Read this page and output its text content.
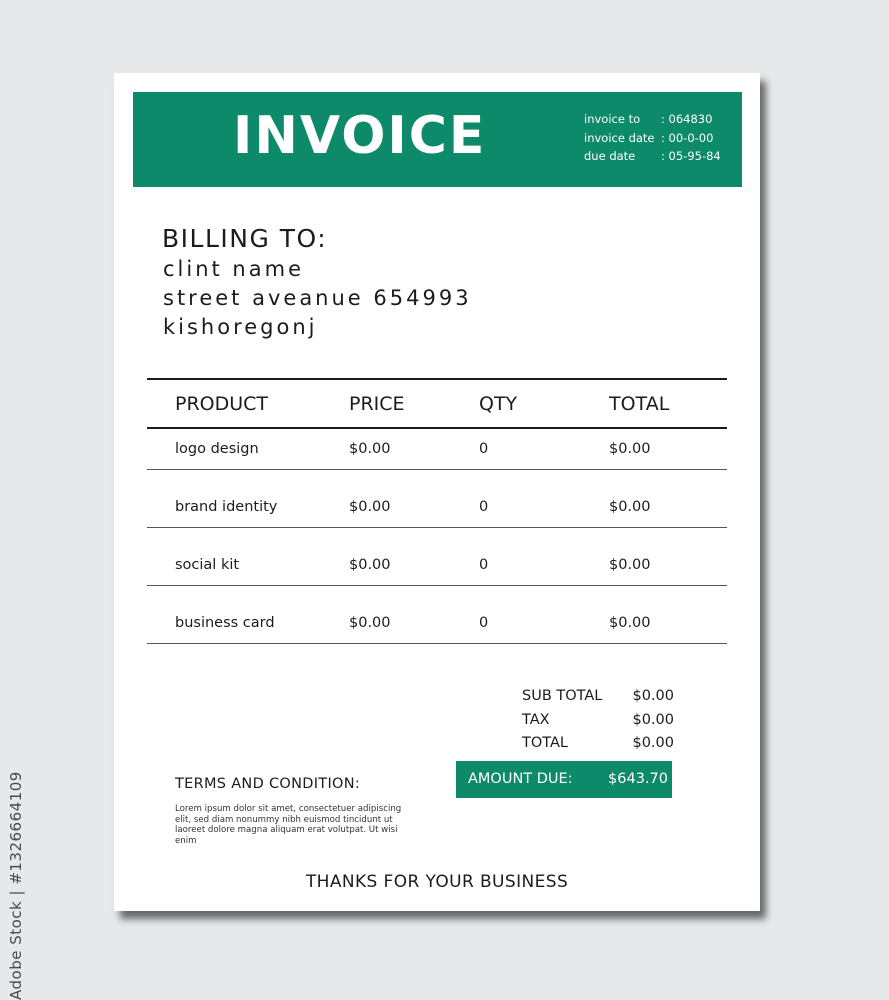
Adobe Stock | #1326664109
INVOICE	invoice to	: 064830
invoice date : 00-0-00
due date	: 05-95-84
BILLING TO:
clint name
street aveanue 654993
kishoregonj
PRODUCT	PRICE	QTY	TOTAL
logo design	$0.00	0	$0.00
brand identity	$0.00	0	$0.00
social kit	$0.00	0	$0.00
business card	$0.00	0	$0.00
SUB TOTAL $0.00
TAX	$0.00
TOTAL	$0.00
AMOUNT DUE: $643.70
TERMS AND CONDITION:
Lorem ipsum dolor sit amet, consectetuer adipiscing elit, sed diam nonummy nibh euismod tincidunt ut laoreet dolore magna aliquam erat volutpat. Ut wisi enim
THANKS FOR YOUR BUSINESS
